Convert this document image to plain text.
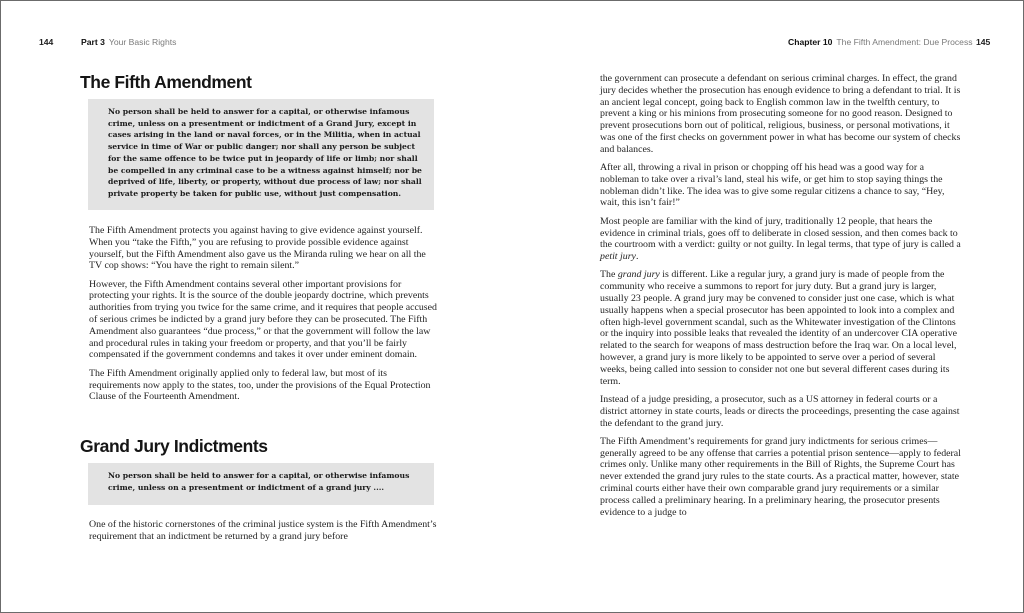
144	Part 3 Your Basic Rights
The Fifth Amendment
No person shall be held to answer for a capital, or otherwise infamous crime, unless on a presentment or indictment of a Grand Jury, except in cases arising in the land or naval forces, or in the Militia, when in actual service in time of War or public danger; nor shall any person be subject for the same offence to be twice put in jeopardy of life or limb; nor shall be compelled in any criminal case to be a witness against himself; nor be deprived of life, liberty, or property, without due process of law; nor shall private property be taken for public use, without just compensation.

The Fifth Amendment protects you against having to give evidence against yourself. When you “take the Fifth,” you are refusing to provide possible evidence against yourself, but the Fifth Amendment also gave us the Miranda ruling we hear on all the TV cop shows: “You have the right to remain silent.”

However, the Fifth Amendment contains several other important provisions for protecting your rights. It is the source of the double jeopardy doctrine, which prevents authorities from trying you twice for the same crime, and it requires that people accused of serious crimes be indicted by a grand jury before they can be prosecuted. The Fifth Amendment also guarantees “due process,” or that the government will follow the law and procedural rules in taking your freedom or property, and that you’ll be fairly compensated if the government condemns and takes it over under eminent domain.

The Fifth Amendment originally applied only to federal law, but most of its requirements now apply to the states, too, under the provisions of the Equal Protection Clause of the Fourteenth Amendment.

Grand Jury Indictments
No person shall be held to answer for a capital, or otherwise infamous crime, unless on a presentment or indictment of a grand jury ....

One of the historic cornerstones of the criminal justice system is the Fifth Amendment’s requirement that an indictment be returned by a grand jury before

Chapter 10 The Fifth Amendment: Due Process 145

the government can prosecute a defendant on serious criminal charges. In effect, the grand jury decides whether the prosecution has enough evidence to bring a defendant to trial. It is an ancient legal concept, going back to English common law in the twelfth century, to prevent a king or his minions from prosecuting someone for no good reason. Designed to prevent prosecutions born out of political, religious, business, or personal motivations, it was one of the first checks on government power in what has become our system of checks and balances.

After all, throwing a rival in prison or chopping off his head was a good way for a nobleman to take over a rival’s land, steal his wife, or get him to stop saying things the nobleman didn’t like. The idea was to give some regular citizens a chance to say, “Hey, wait, this isn’t fair!”

Most people are familiar with the kind of jury, traditionally 12 people, that hears the evidence in criminal trials, goes off to deliberate in closed session, and then comes back to the courtroom with a verdict: guilty or not guilty. In legal terms, that type of jury is called a petit jury.

The grand jury is different. Like a regular jury, a grand jury is made of people from the community who receive a summons to report for jury duty. But a grand jury is larger, usually 23 people. A grand jury may be convened to consider just one case, which is what usually happens when a special prosecutor has been appointed to look into a complex and often high-level government scandal, such as the Whitewater investigation of the Clintons or the inquiry into possible leaks that revealed the identity of an undercover CIA operative related to the search for weapons of mass destruction before the Iraq war. On a local level, however, a grand jury is more likely to be appointed to serve over a period of several weeks, being called into session to consider not one but several different cases during its term.

Instead of a judge presiding, a prosecutor, such as a US attorney in federal courts or a district attorney in state courts, leads or directs the proceedings, presenting the case against the defendant to the grand jury.

The Fifth Amendment’s requirements for grand jury indictments for serious crimes—generally agreed to be any offense that carries a potential prison sentence—apply to federal crimes only. Unlike many other requirements in the Bill of Rights, the Supreme Court has never extended the grand jury rules to the state courts. As a practical matter, however, state criminal courts either have their own comparable grand jury requirements or a similar process called a preliminary hearing. In a preliminary hearing, the prosecutor presents evidence to a judge to
